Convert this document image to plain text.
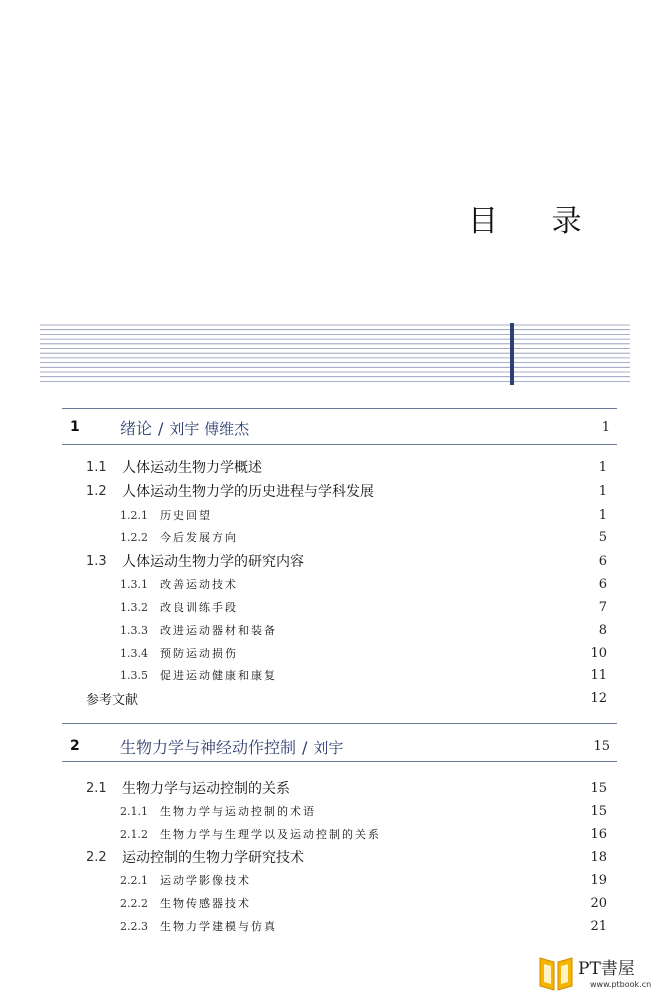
目 录
1	绪论 / 刘宇 傅维杰	1
1.1	人体运动生物力学概述	1
1.2	人体运动生物力学的历史进程与学科发展	1
1.2.1	历史回望	1
1.2.2	今后发展方向	5
1.3	人体运动生物力学的研究内容	6
1.3.1	改善运动技术	6
1.3.2	改良训练手段	7
1.3.3	改进运动器材和装备	8
1.3.4	预防运动损伤	10
1.3.5	促进运动健康和康复	11
参考文献	12
2	生物力学与神经动作控制 / 刘宇	15
2.1	生物力学与运动控制的关系	15
2.1.1	生物力学与运动控制的术语	15
2.1.2	生物力学与生理学以及运动控制的关系	16
2.2	运动控制的生物力学研究技术	18
2.2.1	运动学影像技术	19
2.2.2	生物传感器技术	20
2.2.3	生物力学建模与仿真	21
PT書屋
www.ptbook.cn
